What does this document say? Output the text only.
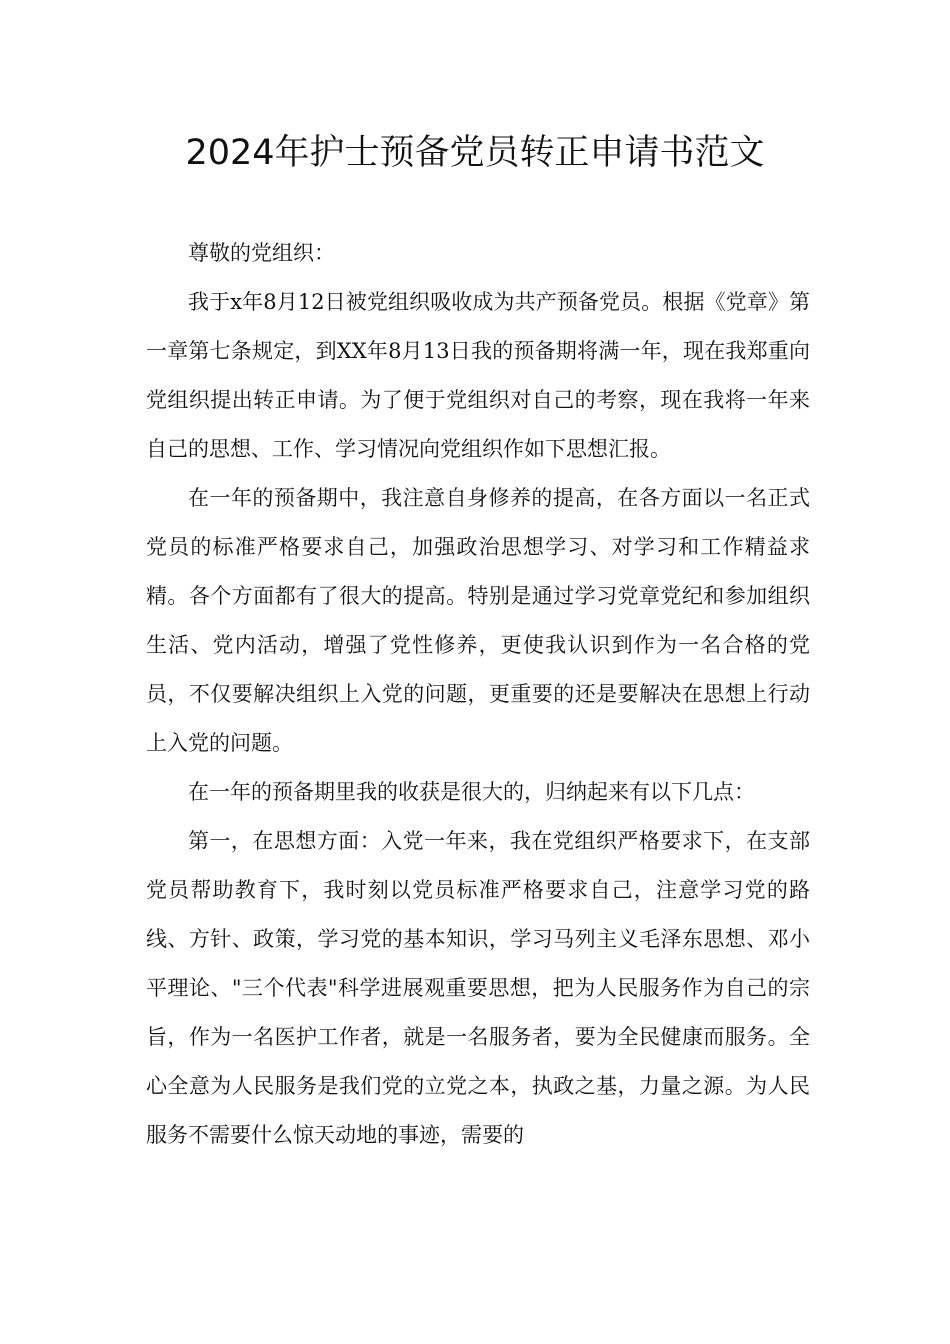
2024年护士预备党员转正申请书范文

尊敬的党组织：

我于x年8月12日被党组织吸收成为共产预备党员。根据《党章》第一章第七条规定，到XX年8月13日我的预备期将满一年，现在我郑重向党组织提出转正申请。为了便于党组织对自己的考察，现在我将一年来自己的思想、工作、学习情况向党组织作如下思想汇报。

在一年的预备期中，我注意自身修养的提高，在各方面以一名正式党员的标准严格要求自己，加强政治思想学习、对学习和工作精益求精。各个方面都有了很大的提高。特别是通过学习党章党纪和参加组织生活、党内活动，增强了党性修养，更使我认识到作为一名合格的党员，不仅要解决组织上入党的问题，更重要的还是要解决在思想上行动上入党的问题。

在一年的预备期里我的收获是很大的，归纳起来有以下几点：

第一，在思想方面：入党一年来，我在党组织严格要求下，在支部党员帮助教育下，我时刻以党员标准严格要求自己，注意学习党的路线、方针、政策，学习党的基本知识，学习马列主义毛泽东思想、邓小平理论、"三个代表"科学进展观重要思想，把为人民服务作为自己的宗旨，作为一名医护工作者，就是一名服务者，要为全民健康而服务。全心全意为人民服务是我们党的立党之本，执政之基，力量之源。为人民服务不需要什么惊天动地的事迹，需要的
